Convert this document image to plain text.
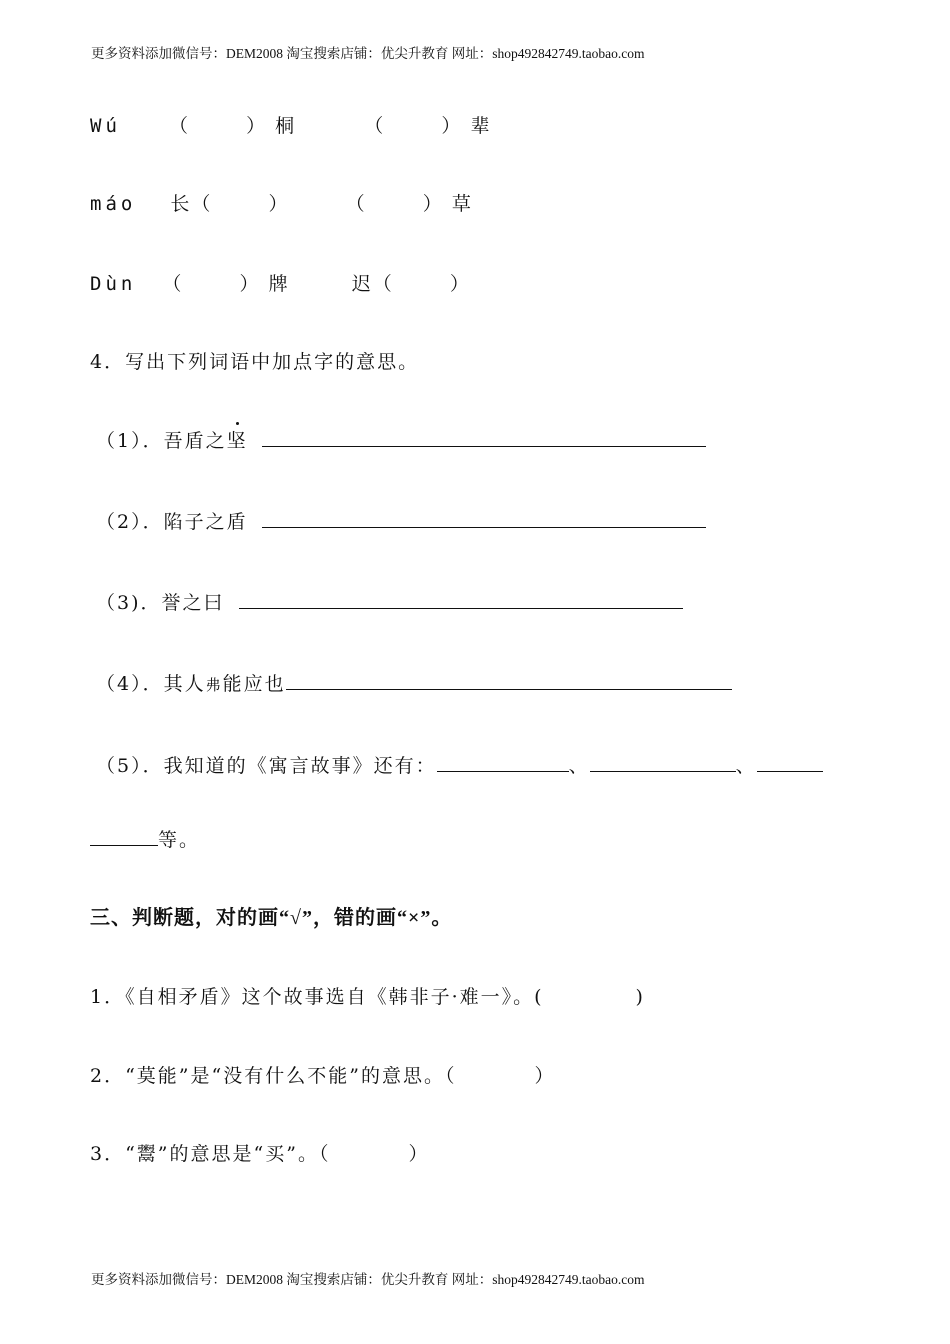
更多资料添加微信号：DEM2008 淘宝搜索店铺：优尖升教育 网址：shop492842749.taobao.com
Wú	（	） 桐	（	） 辈
máo 长（	）	（	） 草
Dùn （	） 牌	迟（	）
4．写出下列词语中加点字的意思。
（1）．吾盾之坚
（2）．陷子之盾
（3)．誉之曰
（4）．其人弗能应也
（5）．我知道的《寓言故事》还有：	、	、
等。
三、判断题，对的画“√”，错的画“×”。
1．《自相矛盾》这个故事选自《韩非子·难一》。(	)
2．“莫能”是“没有什么不能”的意思。（	）
3．“鬻”的意思是“买”。（	）
更多资料添加微信号：DEM2008 淘宝搜索店铺：优尖升教育 网址：shop492842749.taobao.com
